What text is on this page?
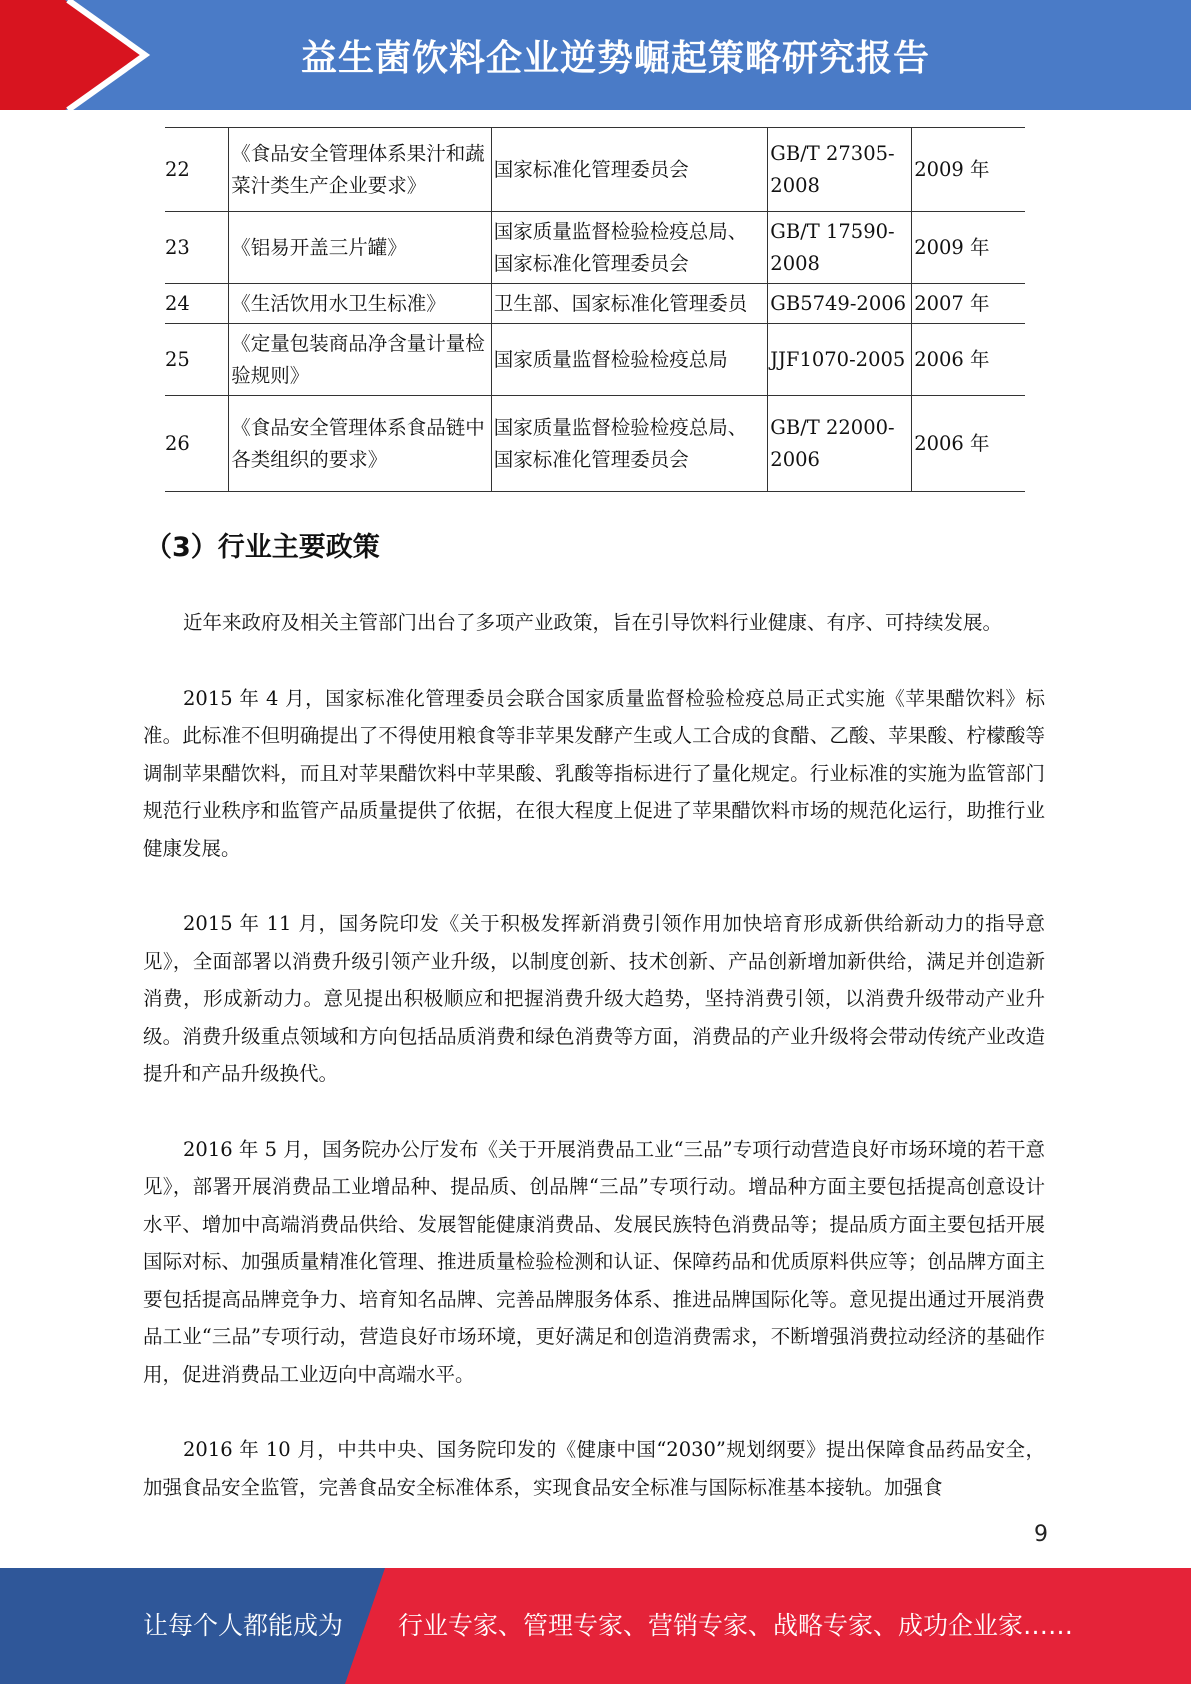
益生菌饮料企业逆势崛起策略研究报告
22	《食品安全管理体系果汁和蔬菜汁类生产企业要求》	国家标准化管理委员会	GB/T 27305-2008	2009 年
23	《铝易开盖三片罐》	国家质量监督检验检疫总局、国家标准化管理委员会	GB/T 17590-2008	2009 年
24	《生活饮用水卫生标准》	卫生部、国家标准化管理委员	GB5749-2006	2007 年
25	《定量包装商品净含量计量检验规则》	国家质量监督检验检疫总局	JJF1070-2005	2006 年
26	《食品安全管理体系食品链中各类组织的要求》	国家质量监督检验检疫总局、国家标准化管理委员会	GB/T 22000-2006	2006 年
（3）行业主要政策

近年来政府及相关主管部门出台了多项产业政策，旨在引导饮料行业健康、有序、可持续发展。

2015 年 4 月，国家标准化管理委员会联合国家质量监督检验检疫总局正式实施《苹果醋饮料》标准。此标准不但明确提出了不得使用粮食等非苹果发酵产生或人工合成的食醋、乙酸、苹果酸、柠檬酸等调制苹果醋饮料，而且对苹果醋饮料中苹果酸、乳酸等指标进行了量化规定。行业标准的实施为监管部门规范行业秩序和监管产品质量提供了依据，在很大程度上促进了苹果醋饮料市场的规范化运行，助推行业健康发展。

2015 年 11 月，国务院印发《关于积极发挥新消费引领作用加快培育形成新供给新动力的指导意见》，全面部署以消费升级引领产业升级，以制度创新、技术创新、产品创新增加新供给，满足并创造新消费，形成新动力。意见提出积极顺应和把握消费升级大趋势，坚持消费引领，以消费升级带动产业升级。消费升级重点领域和方向包括品质消费和绿色消费等方面，消费品的产业升级将会带动传统产业改造提升和产品升级换代。

2016 年 5 月，国务院办公厅发布《关于开展消费品工业“三品”专项行动营造良好市场环境的若干意见》，部署开展消费品工业增品种、提品质、创品牌“三品”专项行动。增品种方面主要包括提高创意设计水平、增加中高端消费品供给、发展智能健康消费品、发展民族特色消费品等；提品质方面主要包括开展国际对标、加强质量精准化管理、推进质量检验检测和认证、保障药品和优质原料供应等；创品牌方面主要包括提高品牌竞争力、培育知名品牌、完善品牌服务体系、推进品牌国际化等。意见提出通过开展消费品工业“三品”专项行动，营造良好市场环境，更好满足和创造消费需求，不断增强消费拉动经济的基础作用，促进消费品工业迈向中高端水平。

2016 年 10 月，中共中央、国务院印发的《健康中国“2030”规划纲要》提出保障食品药品安全，加强食品安全监管，完善食品安全标准体系，实现食品安全标准与国际标准基本接轨。加强食

9
让每个人都能成为 行业专家、管理专家、营销专家、战略专家、成功企业家……
